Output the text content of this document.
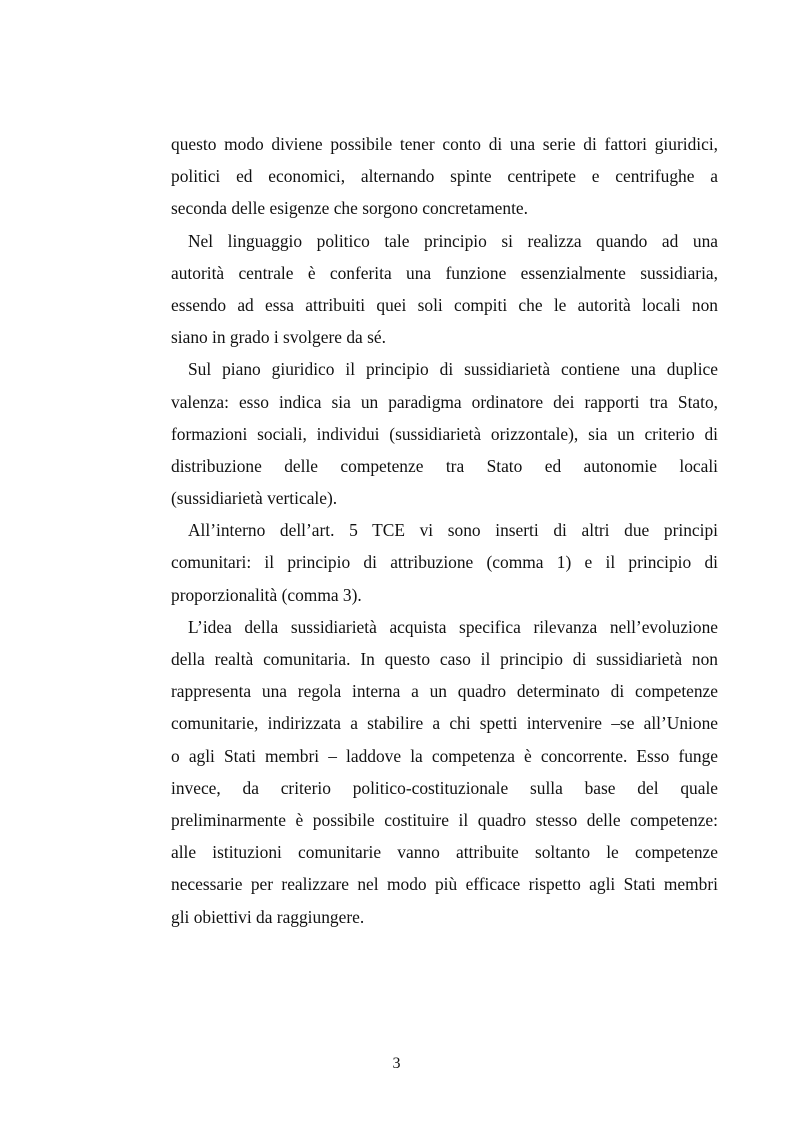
questo modo diviene possibile tener conto di una serie di fattori giuridici,
politici ed economici, alternando spinte centripete e centrifughe a
seconda delle esigenze che sorgono concretamente.
Nel linguaggio politico tale principio si realizza quando ad una
autorità centrale è conferita una funzione essenzialmente sussidiaria,
essendo ad essa attribuiti quei soli compiti che le autorità locali non
siano in grado i svolgere da sé.
Sul piano giuridico il principio di sussidiarietà contiene una duplice
valenza: esso indica sia un paradigma ordinatore dei rapporti tra Stato,
formazioni sociali, individui (sussidiarietà orizzontale), sia un criterio di
distribuzione delle competenze tra Stato ed autonomie locali
(sussidiarietà verticale).
All’interno dell’art. 5 TCE vi sono inserti di altri due principi
comunitari: il principio di attribuzione (comma 1) e il principio di
proporzionalità (comma 3).
L’idea della sussidiarietà acquista specifica rilevanza nell’evoluzione
della realtà comunitaria. In questo caso il principio di sussidiarietà non
rappresenta una regola interna a un quadro determinato di competenze
comunitarie, indirizzata a stabilire a chi spetti intervenire –se all’Unione
o agli Stati membri – laddove la competenza è concorrente. Esso funge
invece, da criterio politico-costituzionale sulla base del quale
preliminarmente è possibile costituire il quadro stesso delle competenze:
alle istituzioni comunitarie vanno attribuite soltanto le competenze
necessarie per realizzare nel modo più efficace rispetto agli Stati membri
gli obiettivi da raggiungere.
3
